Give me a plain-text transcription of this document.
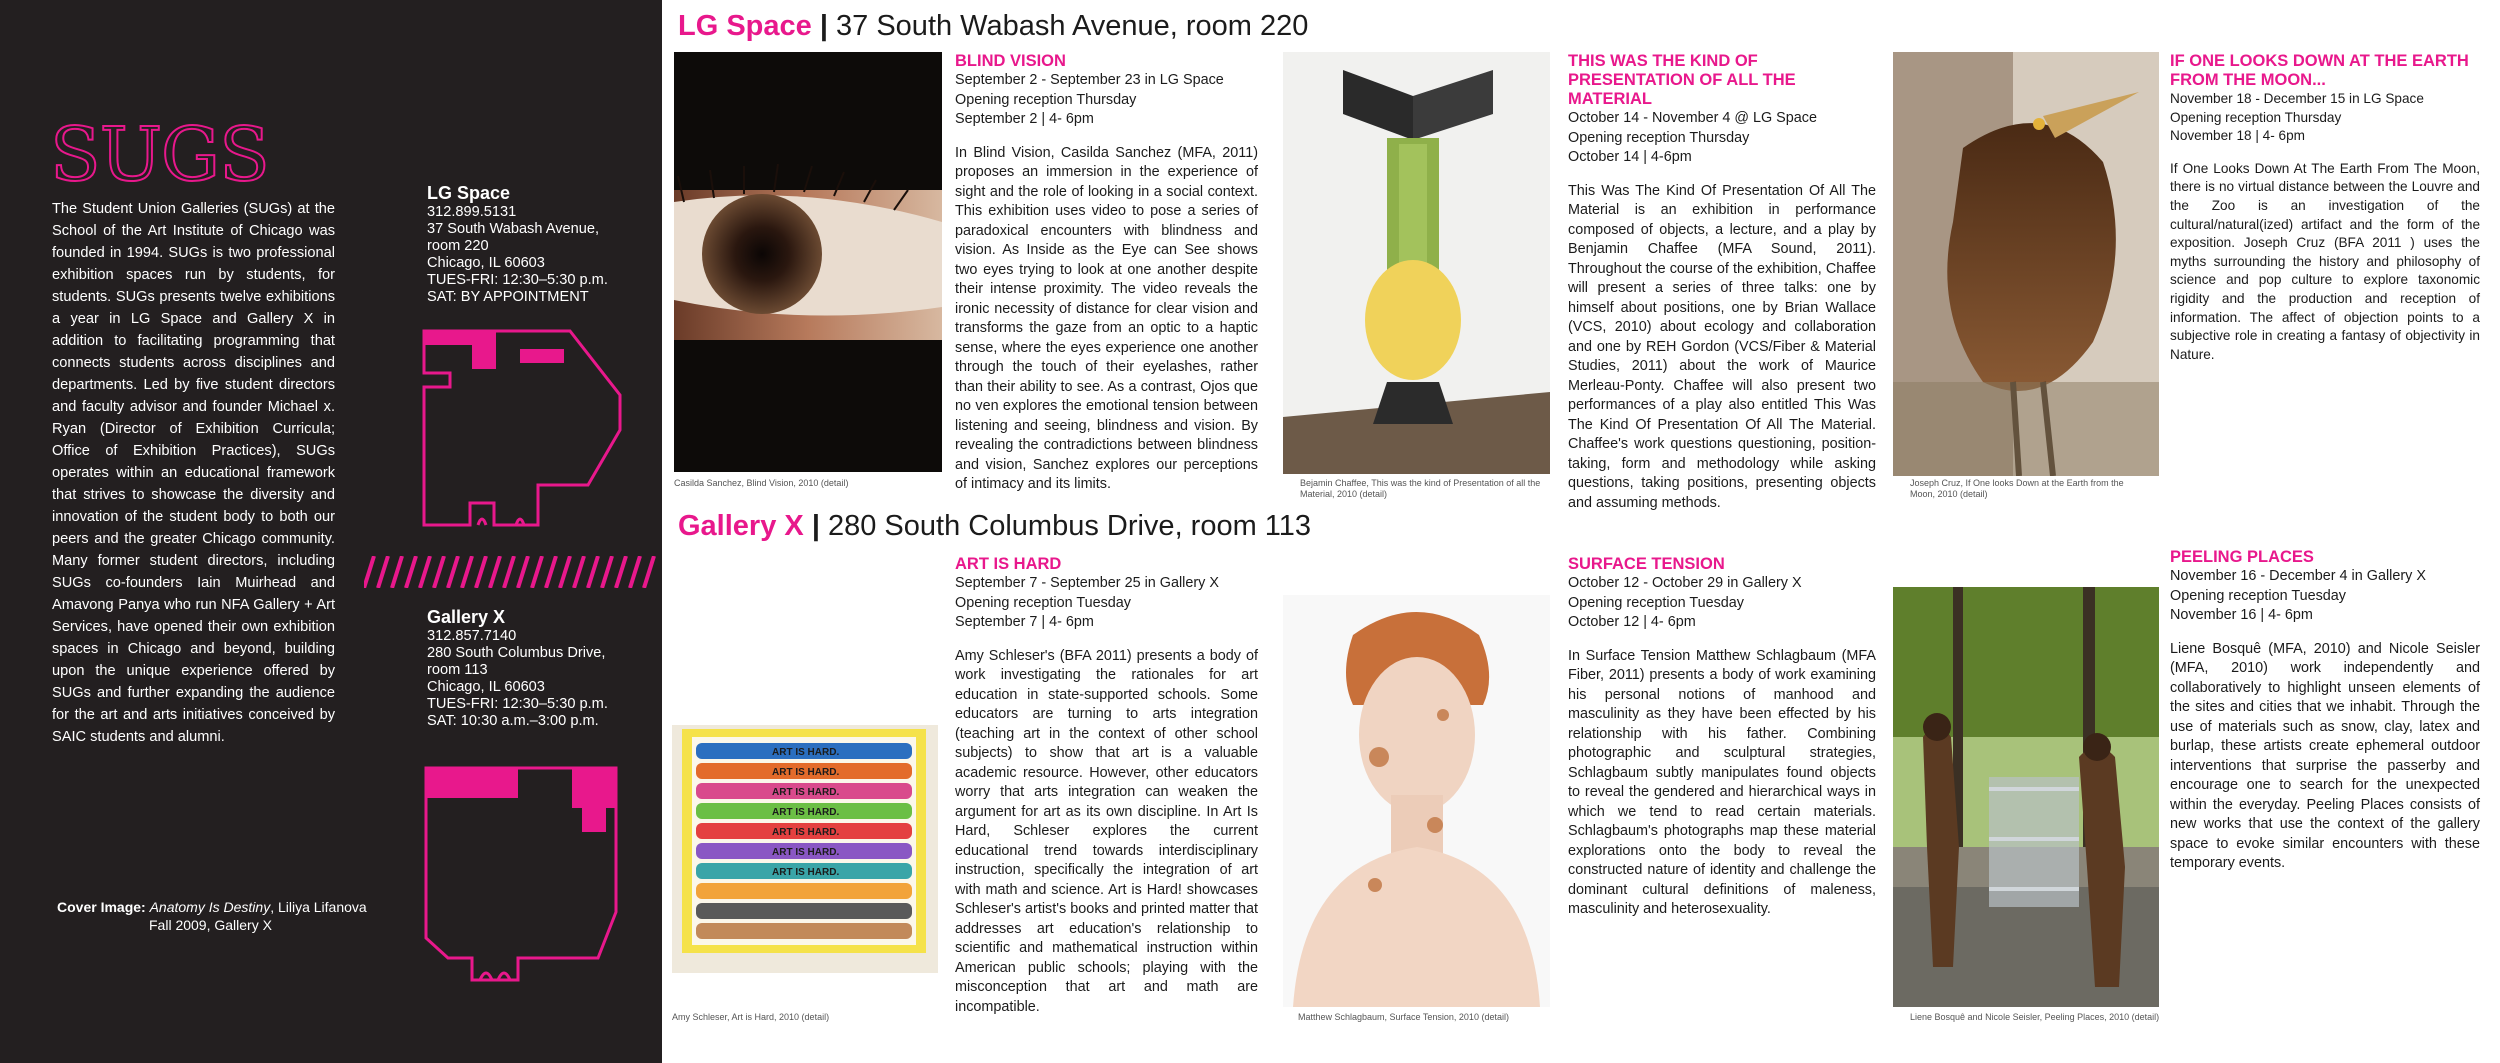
SUGS

The Student Union Galleries (SUGs) at the School of the Art Institute of Chicago was founded in 1994. SUGs is two professional exhibition spaces run by students, for students. SUGs presents twelve exhibitions a year in LG Space and Gallery X in addition to facilitating programming that connects students across disciplines and departments. Led by five student directors and faculty advisor and founder Michael x. Ryan (Director of Exhibition Curricula; Office of Exhibition Practices), SUGs operates within an educational framework that strives to showcase the diversity and innovation of the student body to both our peers and the greater Chicago community. Many former student directors, including SUGs co-founders Iain Muirhead and Amavong Panya who run NFA Gallery + Art Services, have opened their own exhibition spaces in Chicago and beyond, building upon the unique experience offered by SUGs and further expanding the audience for the art and arts initiatives conceived by SAIC students and alumni.

LG Space
312.899.5131
37 South Wabash Avenue,
room 220
Chicago, IL 60603
TUES-FRI: 12:30–5:30 p.m.
SAT: BY APPOINTMENT
Gallery X
312.857.7140
280 South Columbus Drive,
room 113
Chicago, IL 60603
TUES-FRI: 12:30–5:30 p.m.
SAT: 10:30 a.m.–3:00 p.m.
Cover Image: Anatomy Is Destiny, Liliya Lifanova
Fall 2009, Gallery X
LG Space | 37 South Wabash Avenue, room 220
Gallery X | 280 South Columbus Drive, room 113
Casilda Sanchez, Blind Vision, 2010 (detail)
BLIND VISION
September 2 - September 23 in LG Space
Opening reception Thursday
September 2 | 4- 6pm

In Blind Vision, Casilda Sanchez (MFA, 2011) proposes an immersion in the experience of sight and the role of looking in a social context. This exhibition uses video to pose a series of paradoxical encounters with blindness and vision. As Inside as the Eye can See shows two eyes trying to look at one another despite their intense proximity. The video reveals the ironic necessity of distance for clear vision and transforms the gaze from an optic to a haptic sense, where the eyes experience one another through the touch of their eyelashes, rather than their ability to see. As a contrast, Ojos que no ven explores the emotional tension between listening and seeing, blindness and vision. By revealing the contradictions between blindness and vision, Sanchez explores our perceptions of intimacy and its limits.	Bejamin Chaffee, This was the kind of Presentation of all the Material, 2010 (detail)
THIS WAS THE KIND OF PRESENTATION OF ALL THE MATERIAL
October 14 - November 4 @ LG Space
Opening reception Thursday
October 14 | 4-6pm

This Was The Kind Of Presentation Of All The Material is an exhibition in performance composed of objects, a lecture, and a play by Benjamin Chaffee (MFA Sound, 2011). Throughout the course of the exhibition, Chaffee will present a series of three talks: one by himself about positions, one by Brian Wallace (VCS, 2010) about ecology and collaboration and one by REH Gordon (VCS/Fiber & Material Studies, 2011) about the work of Maurice Merleau-Ponty. Chaffee will also present two performances of a play also entitled This Was The Kind Of Presentation Of All The Material. Chaffee's work questions questioning, position-taking, form and methodology while asking questions, taking positions, presenting objects and assuming methods.

Joseph Cruz, If One looks Down at the Earth from the Moon, 2010 (detail)
IF ONE LOOKS DOWN AT THE EARTH FROM THE MOON...
November 18 - December 15 in LG Space
Opening reception Thursday
November 18 | 4- 6pm

If One Looks Down At The Earth From The Moon, there is no virtual distance between the Louvre and the Zoo is an investigation of the cultural/natural(ized) artifact and the form of the exposition. Joseph Cruz (BFA 2011 ) uses the myths surrounding the history and philosophy of science and pop culture to explore taxonomic rigidity and the production and reception of information. The affect of objection points to a subjective role in creating a fantasy of objectivity in Nature.

ART IS HARD.
ART IS HARD.
ART IS HARD.
ART IS HARD.
ART IS HARD.
ART IS HARD.
ART IS HARD.
Amy Schleser, Art is Hard, 2010 (detail)
ART IS HARD
September 7 - September 25 in Gallery X
Opening reception Tuesday
September 7 | 4- 6pm

Amy Schleser's (BFA 2011) presents a body of work investigating the rationales for art education in state-supported schools. Some educators are turning to arts integration (teaching art in the context of other school subjects) to show that art is a valuable academic resource. However, other educators worry that arts integration can weaken the argument for art as its own discipline. In Art Is Hard, Schleser explores the current educational trend towards interdisciplinary instruction, specifically the integration of art with math and science. Art is Hard! showcases Schleser's artist's books and printed matter that addresses art education's relationship to scientific and mathematical instruction within American public schools; playing with the misconception that art and math are incompatible.

Matthew Schlagbaum, Surface Tension, 2010 (detail)
SURFACE TENSION
October 12 - October 29 in Gallery X
Opening reception Tuesday
October 12 | 4- 6pm

In Surface Tension Matthew Schlagbaum (MFA Fiber, 2011) presents a body of work examining his personal notions of manhood and masculinity as they have been effected by his relationship with his father. Combining photographic and sculptural strategies, Schlagbaum subtly manipulates found objects to reveal the gendered and hierarchical ways in which we tend to read certain materials. Schlagbaum's photographs map these material explorations onto the body to reveal the constructed nature of identity and challenge the dominant cultural definitions of maleness, masculinity and heterosexuality.

Liene Bosquê and Nicole Seisler, Peeling Places, 2010 (detail)
PEELING PLACES
November 16 - December 4 in Gallery X
Opening reception Tuesday
November 16 | 4- 6pm

Liene Bosquê (MFA, 2010) and Nicole Seisler (MFA, 2010) work independently and collaboratively to highlight unseen elements of the sites and cities that we inhabit. Through the use of materials such as snow, clay, latex and burlap, these artists create ephemeral outdoor interventions that surprise the passerby and encourage one to search for the unexpected within the everyday. Peeling Places consists of new works that use the context of the gallery space to evoke similar encounters with these temporary events.
